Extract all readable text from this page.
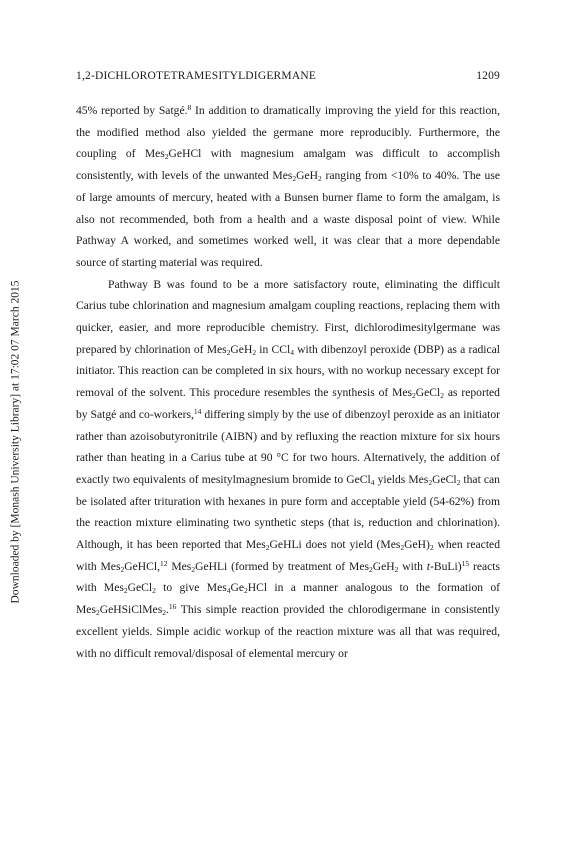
Downloaded by [Monash University Library] at 17:02 07 March 2015
1,2-DICHLOROTETRAMESITYLDIGERMANE	1209

45% reported by Satgé.$^8$ In addition to dramatically improving the yield for this reaction, the modified method also yielded the germane more reproducibly. Furthermore, the coupling of Mes$_2$GeHCl with magnesium amalgam was difficult to accomplish consistently, with levels of the unwanted Mes$_2$GeH$_2$ ranging from <10% to 40%. The use of large amounts of mercury, heated with a Bunsen burner flame to form the amalgam, is also not recommended, both from a health and a waste disposal point of view. While Pathway A worked, and sometimes worked well, it was clear that a more dependable source of starting material was required.

Pathway B was found to be a more satisfactory route, eliminating the difficult Carius tube chlorination and magnesium amalgam coupling reactions, replacing them with quicker, easier, and more reproducible chemistry. First, dichlorodimesitylgermane was prepared by chlorination of Mes$_2$GeH$_2$ in CCl$_4$ with dibenzoyl peroxide (DBP) as a radical initiator. This reaction can be completed in six hours, with no workup necessary except for removal of the solvent. This procedure resembles the synthesis of Mes$_2$GeCl$_2$ as reported by Satgé and co-workers,$^{14}$ differing simply by the use of dibenzoyl peroxide as an initiator rather than azoisobutyronitrile (AIBN) and by refluxing the reaction mixture for six hours rather than heating in a Carius tube at 90 °C for two hours. Alternatively, the addition of exactly two equivalents of mesitylmagnesium bromide to GeCl$_4$ yields Mes$_2$GeCl$_2$ that can be isolated after trituration with hexanes in pure form and acceptable yield (54-62%) from the reaction mixture eliminating two synthetic steps (that is, reduction and chlorination). Although, it has been reported that Mes$_2$GeHLi does not yield $(Mes_2GeH)_2$ when reacted with Mes$_2$GeHCl,$^{12}$ Mes$_2$GeHLi (formed by treatment of Mes$_2$GeH$_2$ with t-BuLi)$^{15}$ reacts with Mes$_2$GeCl$_2$ to give $Mes_4Ge_2HCl$ in a manner analogous to the formation of Mes$_2$GeHSiClMes$_2$.$^{16}$ This simple reaction provided the chlorodigermane in consistently excellent yields. Simple acidic workup of the reaction mixture was all that was required, with no difficult removal/disposal of elemental mercury or
